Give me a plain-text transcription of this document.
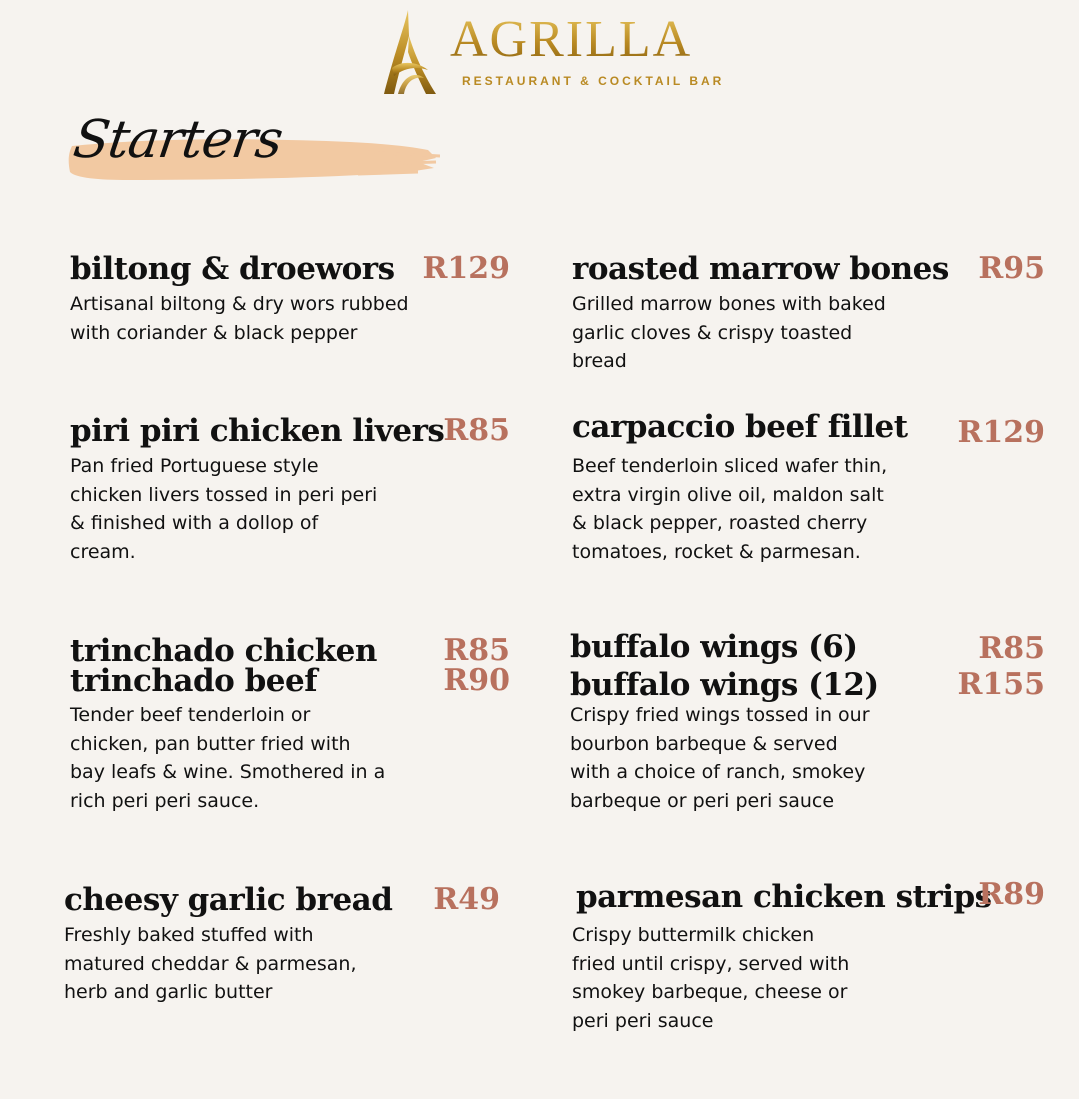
AGRILLA
RESTAURANT & COCKTAIL BAR
Starters
biltong & droewors R129
Artisanal biltong & dry wors rubbed
with coriander & black pepper
roasted marrow bones R95
Grilled marrow bones with baked
garlic cloves & crispy toasted
bread
piri piri chicken livers
R85
Pan fried Portuguese style
chicken livers tossed in peri peri
& finished with a dollop of
cream.
carpaccio beef fillet	R129
Beef tenderloin sliced wafer thin,
extra virgin olive oil, maldon salt
& black pepper, roasted cherry
tomatoes, rocket & parmesan.
trinchado chicken	R85
trinchado beef	R90
Tender beef tenderloin or
chicken, pan butter fried with
bay leafs & wine. Smothered in a
rich peri peri sauce.
buffalo wings (6)	R85
buffalo wings (12)	R155
Crispy fried wings tossed in our
bourbon barbeque & served
with a choice of ranch, smokey
barbeque or peri peri sauce
cheesy garlic bread	R49
Freshly baked stuffed with
matured cheddar & parmesan,
herb and garlic butter
parmesan chicken strips
R89
Crispy buttermilk chicken
fried until crispy, served with
smokey barbeque, cheese or
peri peri sauce
